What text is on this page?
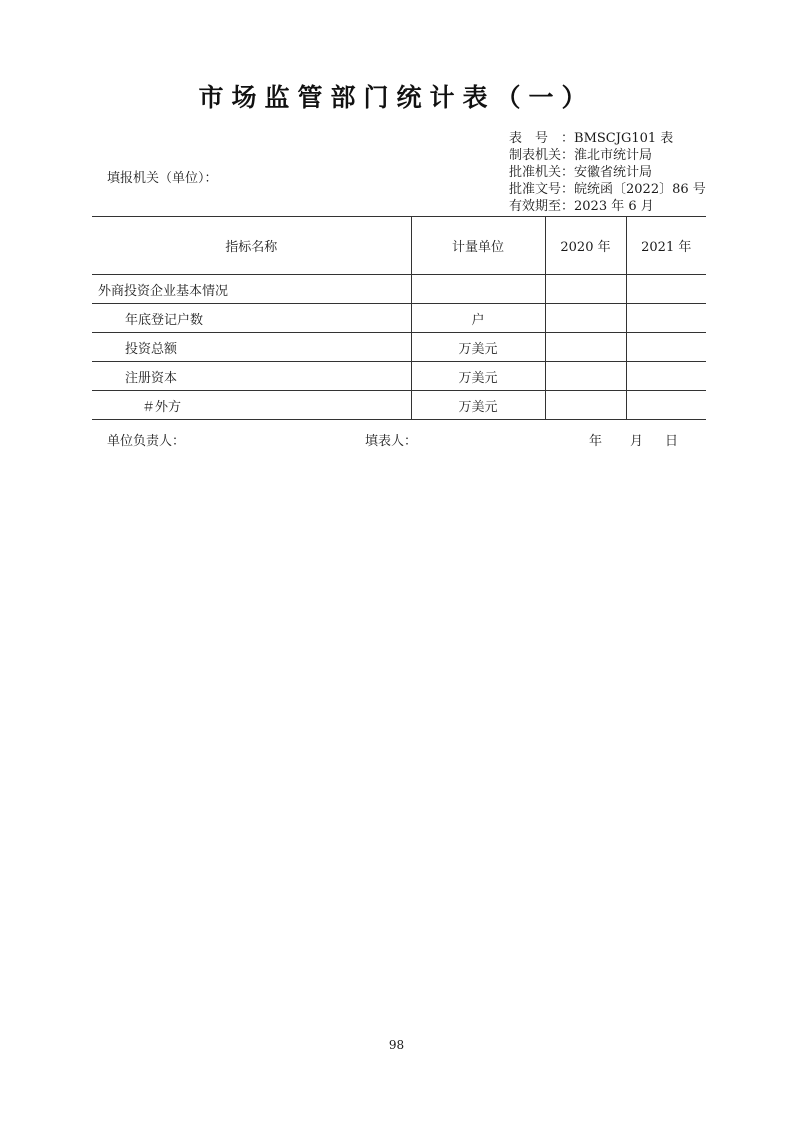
市场监管部门统计表（一）
表号：BMSCJG101 表
制表机关：淮北市统计局
批准机关：安徽省统计局
批准文号：皖统函〔2022〕86 号
有效期至：2023 年 6 月
填报机关（单位）：
指标名称	计量单位	2020 年	2021 年
外商投资企业基本情况			
年底登记户数	户		
投资总额	万美元		
注册资本	万美元		
＃外方	万美元		
单位负责人：	填表人：	年 月 日
98
